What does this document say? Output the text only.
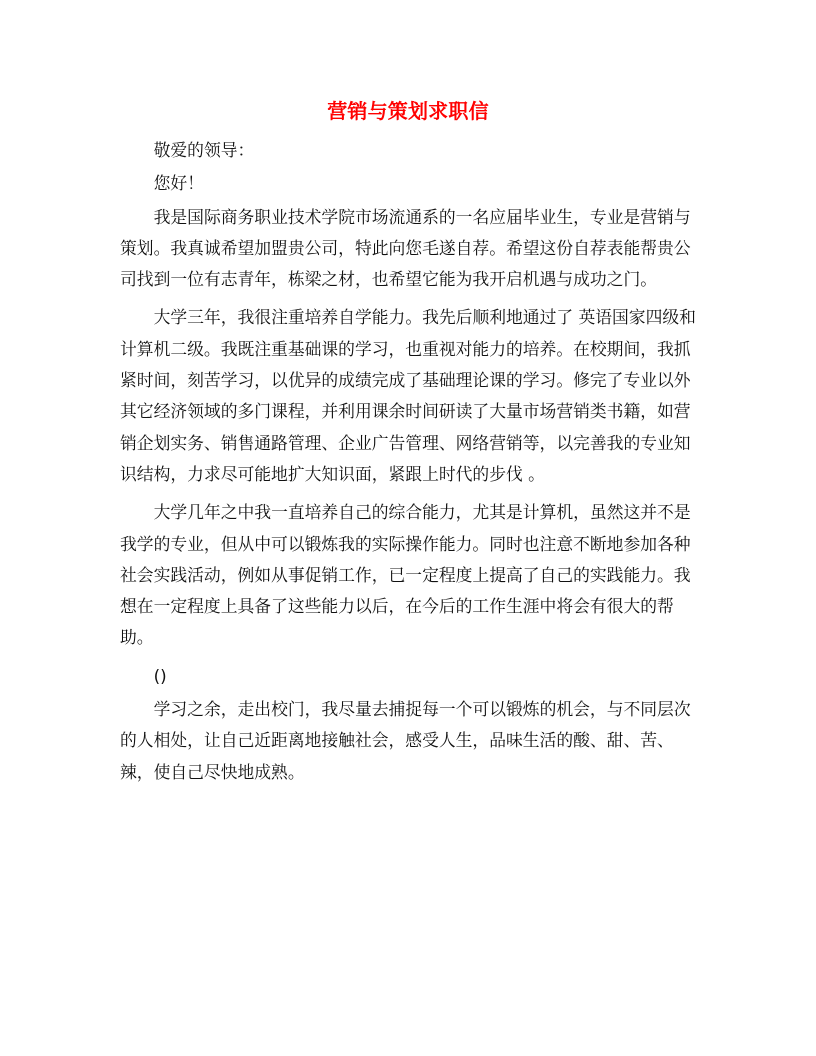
营销与策划求职信

敬爱的领导：

您好！

我是国际商务职业技术学院市场流通系的一名应届毕业生，专业是营销与策划。我真诚希望加盟贵公司，特此向您毛遂自荐。希望这份自荐表能帮贵公司找到一位有志青年，栋梁之材，也希望它能为我开启机遇与成功之门。

大学三年，我很注重培养自学能力。我先后顺利地通过了 英语国家四级和计算机二级。我既注重基础课的学习，也重视对能力的培养。在校期间，我抓紧时间，刻苦学习，以优异的成绩完成了基础理论课的学习。修完了专业以外其它经济领域的多门课程，并利用课余时间研读了大量市场营销类书籍，如营销企划实务、销售通路管理、企业广告管理、网络营销等，以完善我的专业知识结构，力求尽可能地扩大知识面，紧跟上时代的步伐 。

大学几年之中我一直培养自己的综合能力，尤其是计算机，虽然这并不是我学的专业，但从中可以锻炼我的实际操作能力。同时也注意不断地参加各种社会实践活动，例如从事促销工作，已一定程度上提高了自己的实践能力。我想在一定程度上具备了这些能力以后，在今后的工作生涯中将会有很大的帮助。

()

学习之余，走出校门，我尽量去捕捉每一个可以锻炼的机会，与不同层次的人相处，让自己近距离地接触社会，感受人生，品味生活的酸、甜、苦、辣，使自己尽快地成熟。
